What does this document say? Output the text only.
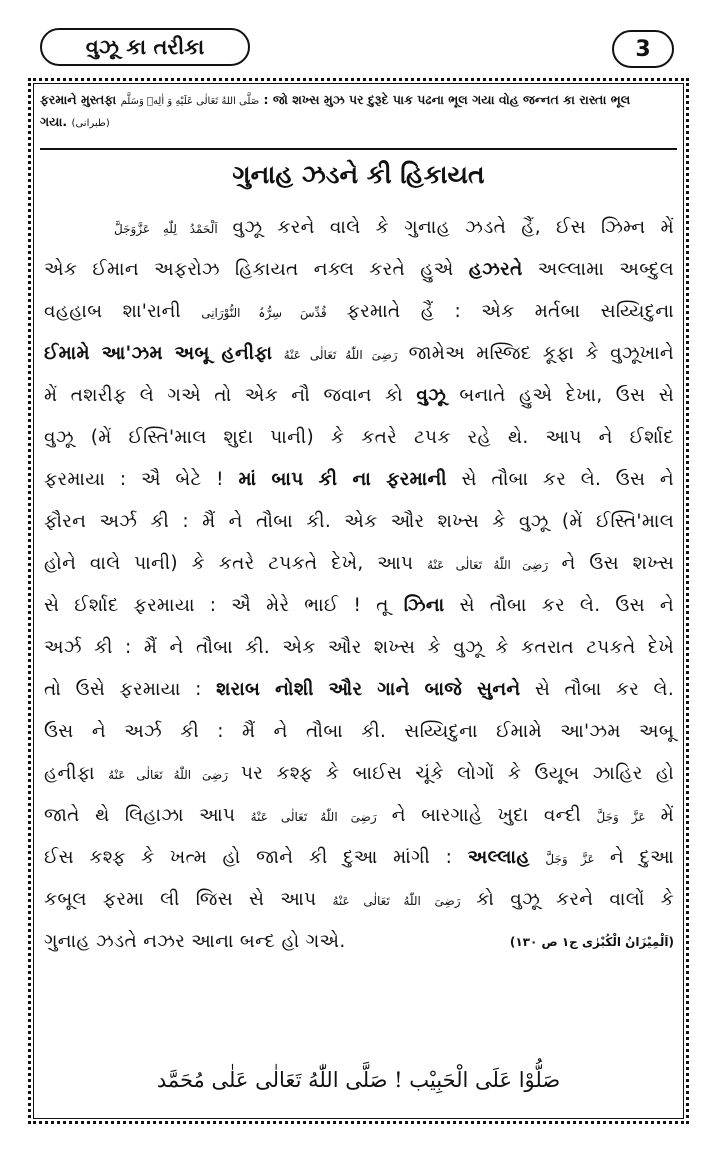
વુઝૂ કા તરીકા	3
ફરમાને મુસ્તફા صَلَّى اللهُ تَعَالٰى عَلَيْهِ وَ اٰلِهٖ وَسَلَّم : જો શખ્સ મુઝ પર દુરૂદે પાક પઢના ભૂલ ગયા વોહ જન્નત કા રાસ્તા ભૂલ
ગયા. (طبرانی)
ગુનાહ ઝડને કી હિકાયત
اَلْحَمْدُ لِلّٰهِ عَزَّوَجَلَّ વુઝૂ કરને વાલે કે ગુનાહ ઝડતે હૈં, ઈસ ઝિમ્ન મેં
એક ઈમાન અફરોઝ હિકાયત નક્લ કરતે હુએ હઝરતે અલ્લામા અબ્દુલ
વહહાબ શા'રાની قُدِّسَ سِرُّہُ النُّوْرَانِی ફરમાતે હૈં : એક મર્તબા સય્યિદુના
ઈમામે આ'ઝમ અબૂ હનીફા رَضِیَ اللّٰهُ تَعَالٰی عَنْهُ જામેઅ મસ્જિદ કૂફા કે વુઝૂખાને
મેં તશરીફ લે ગએ તો એક નૌ જવાન કો વુઝૂ બનાતે હુએ દેખા, ઉસ સે
વુઝૂ (મેં ઈસ્તિ'માલ શુદા પાની) કે કતરે ટપક રહે થે. આપ ને ઈર્શાદ
ફરમાયા : ઐ બેટે ! માં બાપ કી ના ફરમાની સે તૌબા કર લે. ઉસ ને
ફૌરન અર્ઝ કી : મૈં ને તૌબા કી. એક ઔર શખ્સ કે વુઝૂ (મેં ઈસ્તિ'માલ
હોને વાલે પાની) કે કતરે ટપકતે દેખે, આપ رَضِیَ اللّٰهُ تَعَالٰی عَنْهُ ને ઉસ શખ્સ
સે ઈર્શાદ ફરમાયા : ઐ મેરે ભાઈ ! તૂ ઝિના સે તૌબા કર લે. ઉસ ને
અર્ઝ કી : મૈં ને તૌબા કી. એક ઔર શખ્સ કે વુઝૂ કે કતરાત ટપકતે દેખે
તો ઉસે ફરમાયા : શરાબ નોશી ઔર ગાને બાજે સુનને સે તૌબા કર લે.
ઉસ ને અર્ઝ કી : મૈં ને તૌબા કી. સય્યિદુના ઈમામે આ'ઝમ અબૂ
હનીફા رَضِیَ اللّٰهُ تَعَالٰی عَنْهُ પર કશ્ફ કે બાઈસ ચૂંકે લોગોં કે ઉયૂબ ઝાહિર હો
જાતે થે લિહાઝા આપ رَضِیَ اللّٰهُ تَعَالٰی عَنْهُ ને બારગાહે ખુદા વન્દી عَزَّ وَجَلَّ મેં
ઈસ કશ્ફ કે ખત્મ હો જાને કી દુઆ માંગી : અલ્લાહ عَزَّ وَجَلَّ ને દુઆ
કબૂલ ફરમા લી જિસ સે આપ رَضِیَ اللّٰهُ تَعَالٰی عَنْهُ કો વુઝૂ કરને વાલોં કે
ગુનાહ ઝડતે નઝર આના બન્દ હો ગએ.	(اَلْمِیْزَانُ الْکُبْرٰی ج۱ ص ۱۳۰)
صَلُّوْا عَلَی الْحَبِیْب ! صَلَّی اللّٰهُ تَعَالٰی عَلٰی مُحَمَّد
